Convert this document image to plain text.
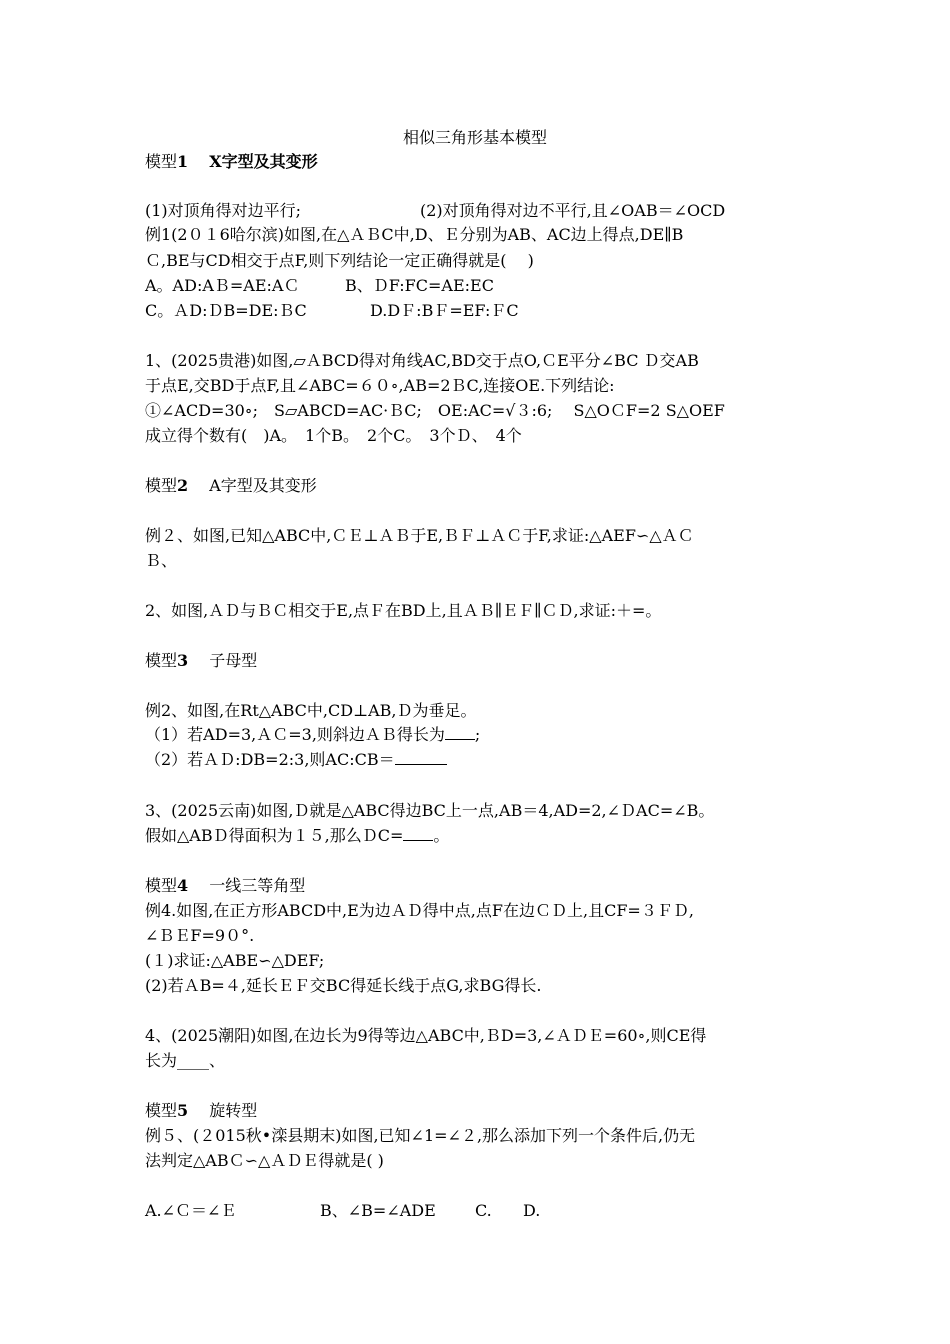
相似三角形基本模型
模型1　 X字型及其变形
(1)对顶角得对边平行;	(2)对顶角得对边不平行,且∠OAB＝∠OCD
例1(2０１6哈尔滨)如图,在△ＡＢC中,D、Ｅ分别为AB、AC边上得点,DE∥B
Ｃ,BE与CD相交于点F,则下列结论一定正确得就是(　 )
A。AD:AＢ=AE:AＣ	B、ＤF:FC=AE:EC
C。ＡD:ＤB=DE:ＢC	D.DＦ:BＦ=EF:ＦC
1、(2025贵港)如图,▱ＡBCD得对角线AC,BD交于点O,ＣE平分∠BC Ｄ交AB
于点E,交BD于点F,且∠ABC=６０∘,AB=2ＢC,连接OE.下列结论:
①∠ACD=30∘;　S▱ABCD=AC·ＢC;　OE:AC=√３:6;　 S△OＣF=2 S△OEF
成立得个数有(　)A。　1个B。　2个C。　3个Ｄ、　4个
模型2　 A字型及其变形
例２、如图,已知△ABC中,ＣＥ⊥ＡＢ于E,ＢＦ⊥ＡＣ于F,求证:△AEF∽△ＡＣ
Ｂ、
2、如图,ＡＤ与ＢＣ相交于E,点Ｆ在BD上,且ＡＢ∥ＥＦ∥ＣＤ,求证:＋=。
模型3　 子母型
例2、如图,在Rt△ABC中,CD⊥AB,Ｄ为垂足。
（1）若AD=3,ＡＣ=3,则斜边ＡＢ得长为 ;
（2）若ＡＤ:DB=2:3,则AC:CB＝
3、(2025云南)如图,Ｄ就是△ABC得边BC上一点,AB＝4,AD=2,∠ＤAC=∠B。
假如△ABＤ得面积为１５,那么ＤC= 。
模型4　 一线三等角型
例4.如图,在正方形ABCD中,E为边ＡＤ得中点,点F在边ＣＤ上,且CF=３ＦＤ,
∠ＢＥF=9０°.
(１)求证:△ABE∽△DEF;
(2)若ＡB=４,延长ＥＦ交BC得延长线于点G,求BG得长.
4、(2025潮阳)如图,在边长为9得等边△ABC中,ＢD=3,∠ＡＤＥ=60∘,则CE得
长为____、
模型5　 旋转型
例５、(２015秋•滦县期末)如图,已知∠1=∠２,那么添加下列一个条件后,仍无
法判定△ABＣ∽△ＡＤＥ得就是( )
A.∠Ｃ＝∠Ｅ	B、∠B=∠ADE C. D.
